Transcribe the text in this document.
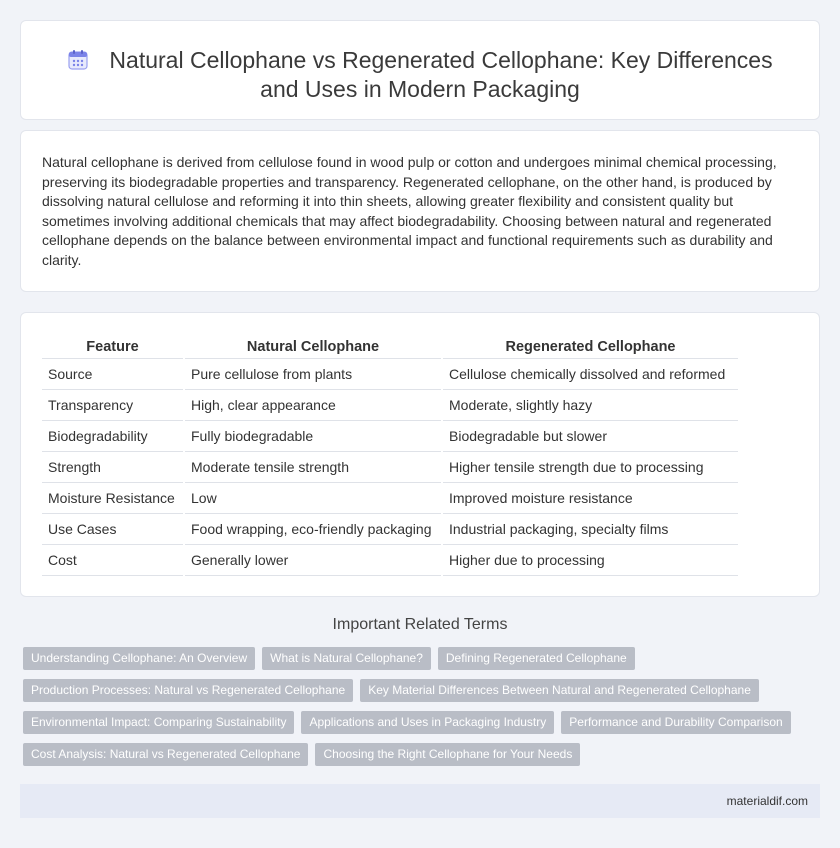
Natural Cellophane vs Regenerated Cellophane: Key Differences and Uses in Modern Packaging

Natural cellophane is derived from cellulose found in wood pulp or cotton and undergoes minimal chemical processing, preserving its biodegradable properties and transparency. Regenerated cellophane, on the other hand, is produced by dissolving natural cellulose and reforming it into thin sheets, allowing greater flexibility and consistent quality but sometimes involving additional chemicals that may affect biodegradability. Choosing between natural and regenerated cellophane depends on the balance between environmental impact and functional requirements such as durability and clarity.

Feature	Natural Cellophane	Regenerated Cellophane
Source	Pure cellulose from plants	Cellulose chemically dissolved and reformed
Transparency	High, clear appearance	Moderate, slightly hazy
Biodegradability	Fully biodegradable	Biodegradable but slower
Strength	Moderate tensile strength	Higher tensile strength due to processing
Moisture Resistance	Low	Improved moisture resistance
Use Cases	Food wrapping, eco-friendly packaging	Industrial packaging, specialty films
Cost	Generally lower	Higher due to processing
Important Related Terms
Understanding Cellophane: An Overview	What is Natural Cellophane?	Defining Regenerated Cellophane
Production Processes: Natural vs Regenerated Cellophane	Key Material Differences Between Natural and Regenerated Cellophane
Environmental Impact: Comparing Sustainability	Applications and Uses in Packaging Industry	Performance and Durability Comparison
Cost Analysis: Natural vs Regenerated Cellophane	Choosing the Right Cellophane for Your Needs
materialdif.com
